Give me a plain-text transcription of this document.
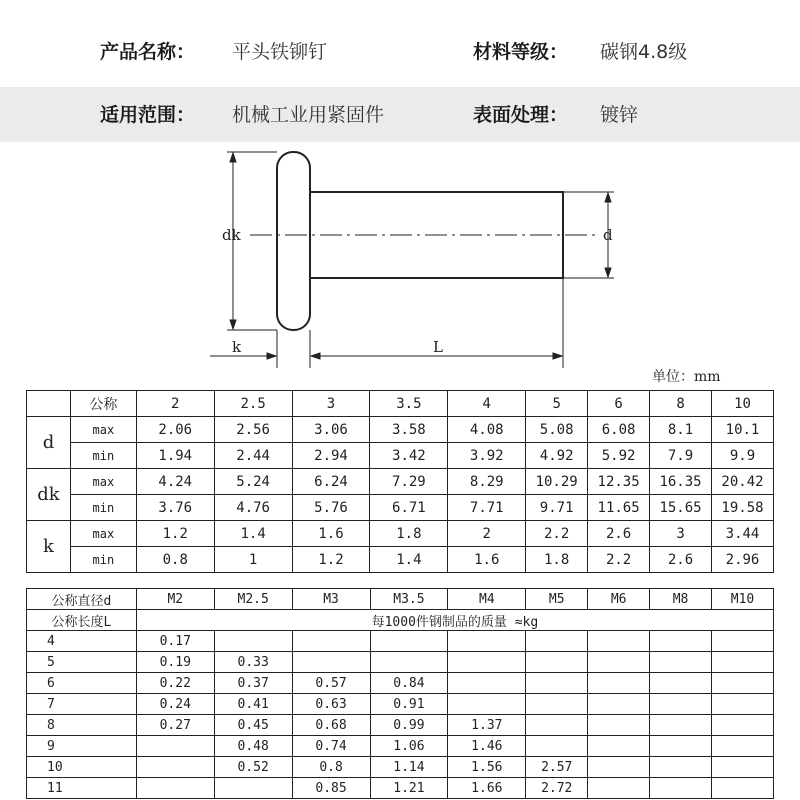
产品名称： 平头铁铆钉	材料等级： 碳钢4.8级
适用范围： 机械工业用紧固件	表面处理： 镀锌
dk	d
k	L
单位：mm
	公称	2	2.5	3	3.5	4	5	6	8	10
d	max	2.06	2.56	3.06	3.58	4.08	5.08	6.08	8.1	10.1
	min	1.94	2.44	2.94	3.42	3.92	4.92	5.92	7.9	9.9
dk	max	4.24	5.24	6.24	7.29	8.29	10.29	12.35	16.35	20.42
	min	3.76	4.76	5.76	6.71	7.71	9.71	11.65	15.65	19.58
k	max	1.2	1.4	1.6	1.8	2	2.2	2.6	3	3.44
	min	0.8	1	1.2	1.4	1.6	1.8	2.2	2.6	2.96
公称直径d	M2	M2.5	M3	M3.5	M4	M5	M6	M8	M10
公称长度L	每1000件钢制品的质量 ≈kg								
4	0.17								
5	0.19	0.33							
6	0.22	0.37	0.57	0.84					
7	0.24	0.41	0.63	0.91					
8	0.27	0.45	0.68	0.99	1.37				
9		0.48	0.74	1.06	1.46				
10		0.52	0.8	1.14	1.56	2.57			
11			0.85	1.21	1.66	2.72			
